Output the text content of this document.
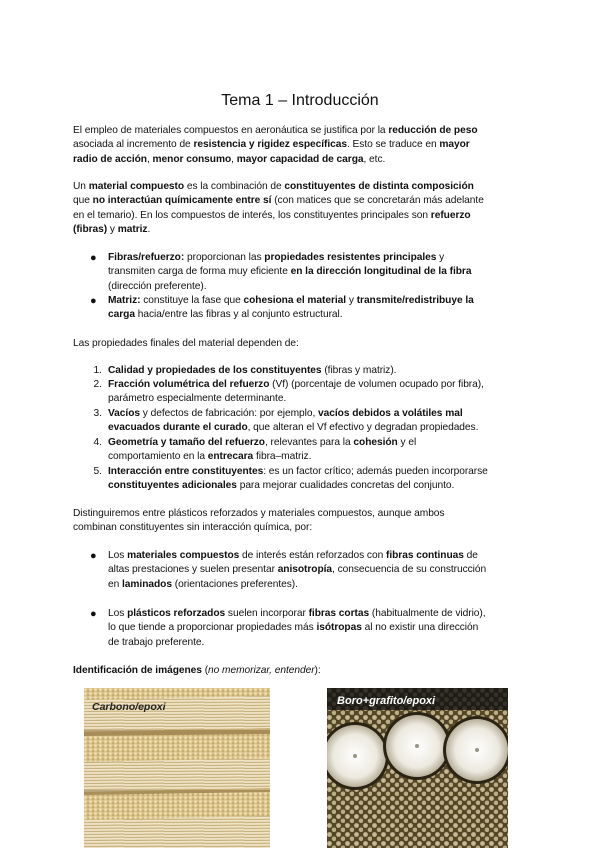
Tema 1 – Introducción
El empleo de materiales compuestos en aeronáutica se justifica por la reducción de peso
asociada al incremento de resistencia y rigidez específicas. Esto se traduce en mayor
radio de acción, menor consumo, mayor capacidad de carga, etc.
Un material compuesto es la combinación de constituyentes de distinta composición
que no interactúan químicamente entre sí (con matices que se concretarán más adelante
en el temario). En los compuestos de interés, los constituyentes principales son refuerzo
(fibras) y matriz.
● Fibras/refuerzo: proporcionan las propiedades resistentes principales y
transmiten carga de forma muy eficiente en la dirección longitudinal de la fibra
(dirección preferente).
● Matriz: constituye la fase que cohesiona el material y transmite/redistribuye la
carga hacia/entre las fibras y al conjunto estructural.
Las propiedades finales del material dependen de:
1. Calidad y propiedades de los constituyentes (fibras y matriz).
2. Fracción volumétrica del refuerzo (Vf) (porcentaje de volumen ocupado por fibra),
parámetro especialmente determinante.
3. Vacíos y defectos de fabricación: por ejemplo, vacíos debidos a volátiles mal
evacuados durante el curado, que alteran el Vf efectivo y degradan propiedades.
4. Geometría y tamaño del refuerzo, relevantes para la cohesión y el
comportamiento en la entrecara fibra–matriz.
5. Interacción entre constituyentes: es un factor crítico; además pueden incorporarse
constituyentes adicionales para mejorar cualidades concretas del conjunto.
Distinguiremos entre plásticos reforzados y materiales compuestos, aunque ambos
combinan constituyentes sin interacción química, por:
● Los materiales compuestos de interés están reforzados con fibras continuas de
altas prestaciones y suelen presentar anisotropía, consecuencia de su construcción
en laminados (orientaciones preferentes).
● Los plásticos reforzados suelen incorporar fibras cortas (habitualmente de vidrio),
lo que tiende a proporcionar propiedades más isótropas al no existir una dirección
de trabajo preferente.
Identificación de imágenes (no memorizar, entender):
Carbono/epoxi	Boro+grafito/epoxi
